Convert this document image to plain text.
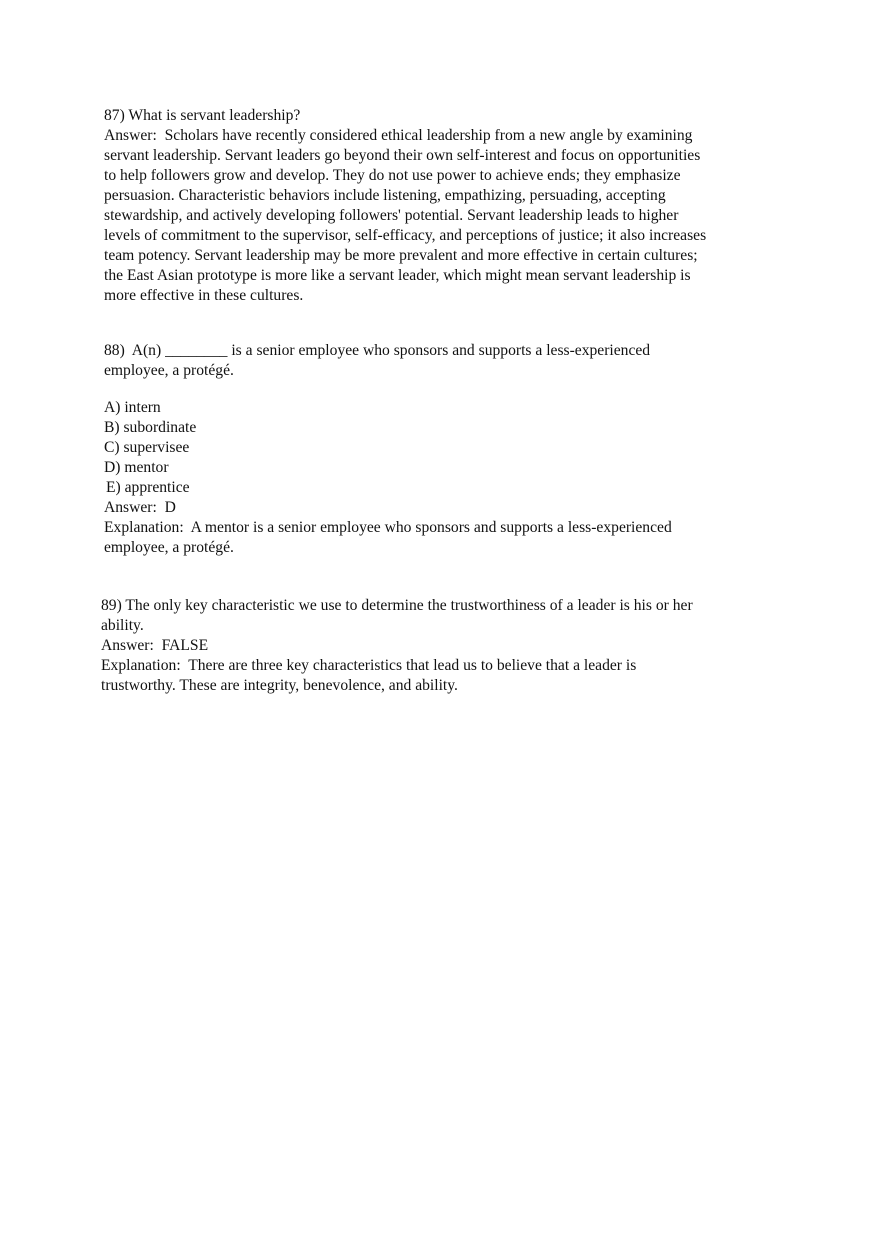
87) What is servant leadership?
Answer:  Scholars have recently considered ethical leadership from a new angle by examining
servant leadership. Servant leaders go beyond their own self-interest and focus on opportunities
to help followers grow and develop. They do not use power to achieve ends; they emphasize
persuasion. Characteristic behaviors include listening, empathizing, persuading, accepting
stewardship, and actively developing followers' potential. Servant leadership leads to higher
levels of commitment to the supervisor, self-efficacy, and perceptions of justice; it also increases
team potency. Servant leadership may be more prevalent and more effective in certain cultures;
the East Asian prototype is more like a servant leader, which might mean servant leadership is
more effective in these cultures.
88)  A(n) ________ is a senior employee who sponsors and supports a less-experienced
employee, a protégé.
A) intern
B) subordinate
C) supervisee
D) mentor
E) apprentice
Answer:  D
Explanation:  A mentor is a senior employee who sponsors and supports a less-experienced
employee, a protégé.
89) The only key characteristic we use to determine the trustworthiness of a leader is his or her
ability.
Answer:  FALSE
Explanation:  There are three key characteristics that lead us to believe that a leader is
trustworthy. These are integrity, benevolence, and ability.
